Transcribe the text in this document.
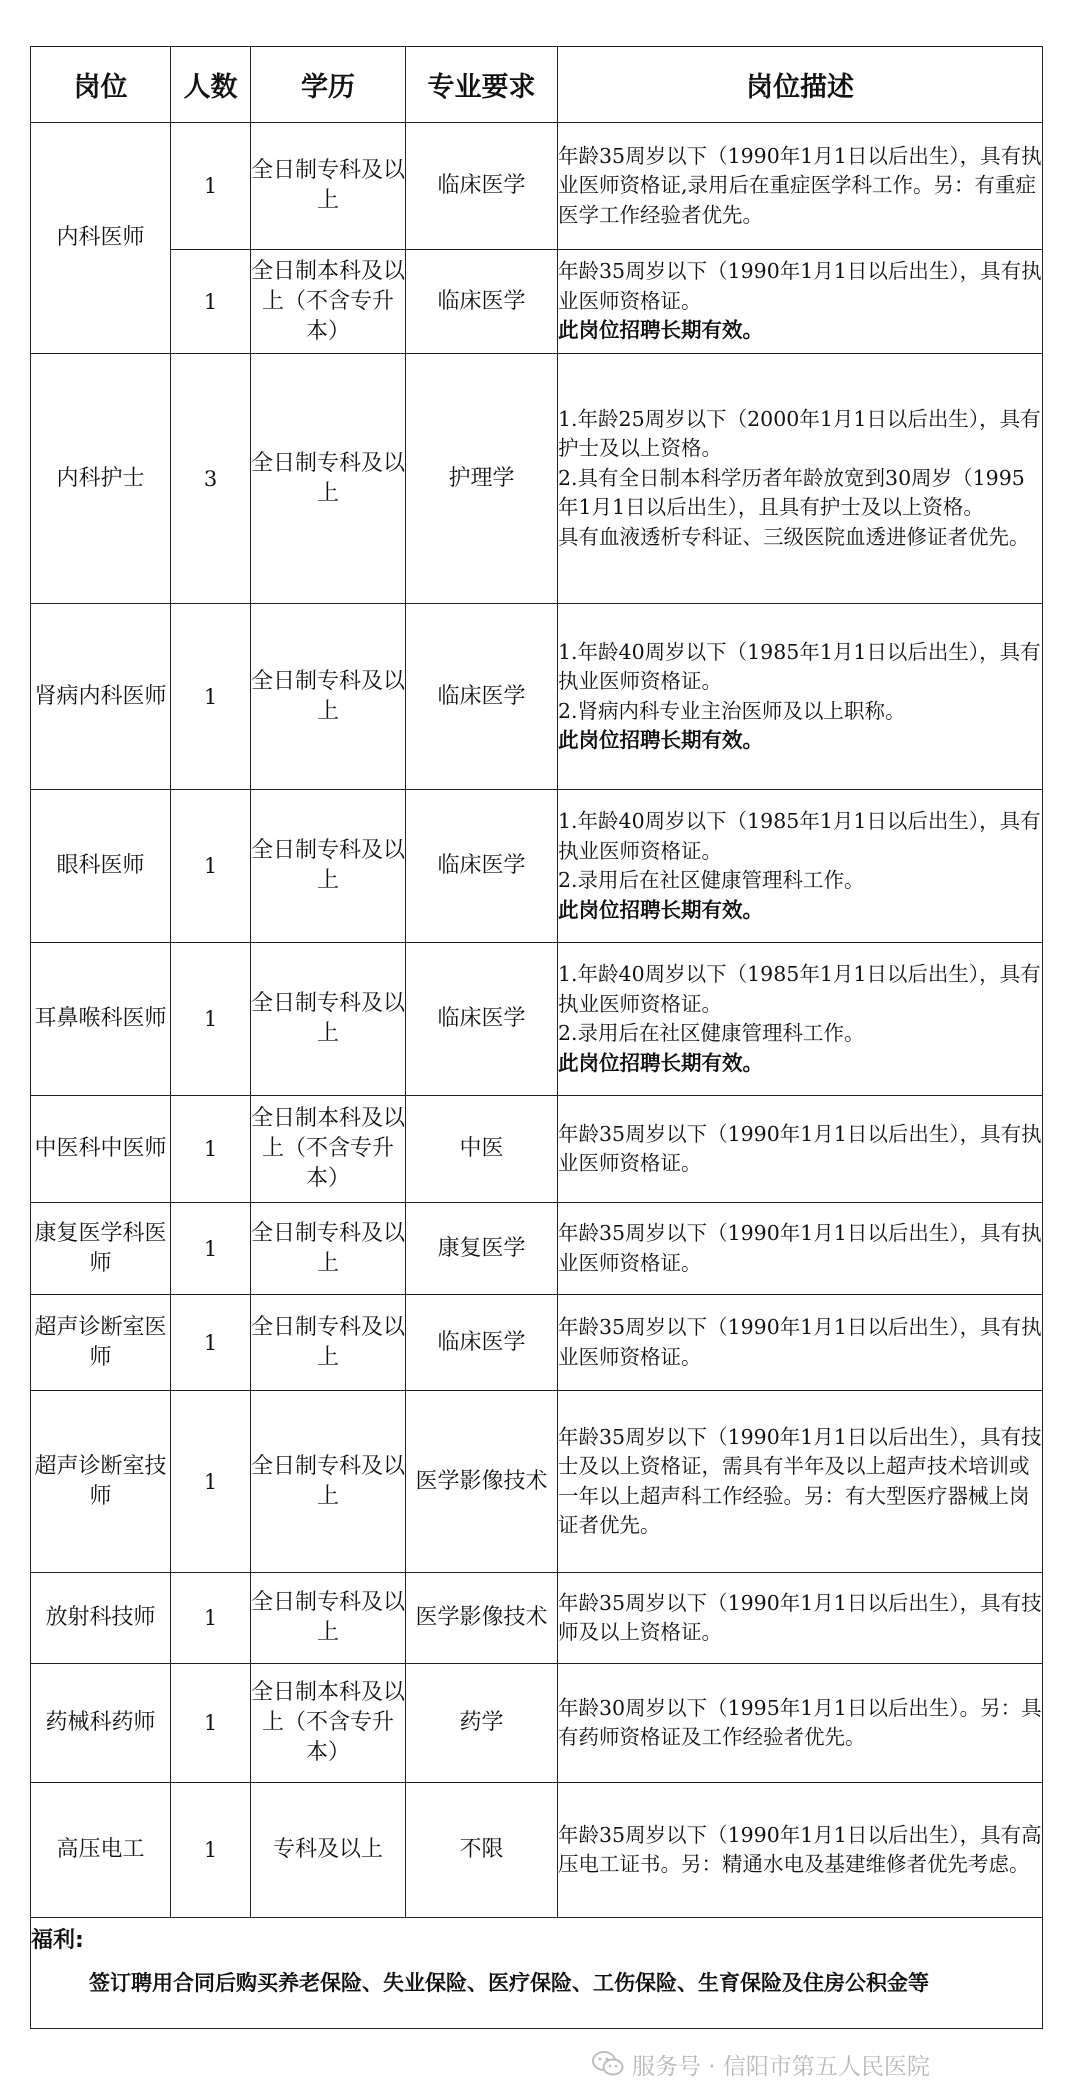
岗位	人数	学历	专业要求	岗位描述
内科医师	1	全日制专科及以上	临床医学	年龄35周岁以下（1990年1月1日以后出生），具有执业医师资格证,录用后在重症医学科工作。另：有重症医学工作经验者优先。

	1	全日制本科及以上（不含专升本）	临床医学	年龄35周岁以下（1990年1月1日以后出生），具有执业医师资格证。
此岗位招聘长期有效。

内科护士	3	全日制专科及以上	护理学	1.年龄25周岁以下（2000年1月1日以后出生），具有护士及以上资格。
2.具有全日制本科学历者年龄放宽到30周岁（1995年1月1日以后出生），且具有护士及以上资格。
具有血液透析专科证、三级医院血透进修证者优先。

肾病内科医师	1	全日制专科及以上	临床医学	1.年龄40周岁以下（1985年1月1日以后出生），具有执业医师资格证。
2.肾病内科专业主治医师及以上职称。
此岗位招聘长期有效。

眼科医师	1	全日制专科及以上	临床医学	1.年龄40周岁以下（1985年1月1日以后出生），具有执业医师资格证。
2.录用后在社区健康管理科工作。
此岗位招聘长期有效。

耳鼻喉科医师	1	全日制专科及以上	临床医学	1.年龄40周岁以下（1985年1月1日以后出生），具有执业医师资格证。
2.录用后在社区健康管理科工作。
此岗位招聘长期有效。

中医科中医师	1	全日制本科及以上（不含专升本）	中医	年龄35周岁以下（1990年1月1日以后出生），具有执业医师资格证。

康复医学科医师	1	全日制专科及以上	康复医学	年龄35周岁以下（1990年1月1日以后出生），具有执业医师资格证。

超声诊断室医师	1	全日制专科及以上	临床医学	年龄35周岁以下（1990年1月1日以后出生），具有执业医师资格证。

超声诊断室技师	1	全日制专科及以上	医学影像技术	年龄35周岁以下（1990年1月1日以后出生），具有技士及以上资格证，需具有半年及以上超声技术培训或一年以上超声科工作经验。另：有大型医疗器械上岗证者优先。

放射科技师	1	全日制专科及以上	医学影像技术	年龄35周岁以下（1990年1月1日以后出生），具有技师及以上资格证。

药械科药师	1	全日制本科及以上（不含专升本）	药学	年龄30周岁以下（1995年1月1日以后出生）。另：具有药师资格证及工作经验者优先。

高压电工	1	专科及以上	不限	年龄35周岁以下（1990年1月1日以后出生），具有高压电工证书。另：精通水电及基建维修者优先考虑。

福利:
签订聘用合同后购买养老保险、失业保险、医疗保险、工伤保险、生育保险及住房公积金等				
服务号 · 信阳市第五人民医院
